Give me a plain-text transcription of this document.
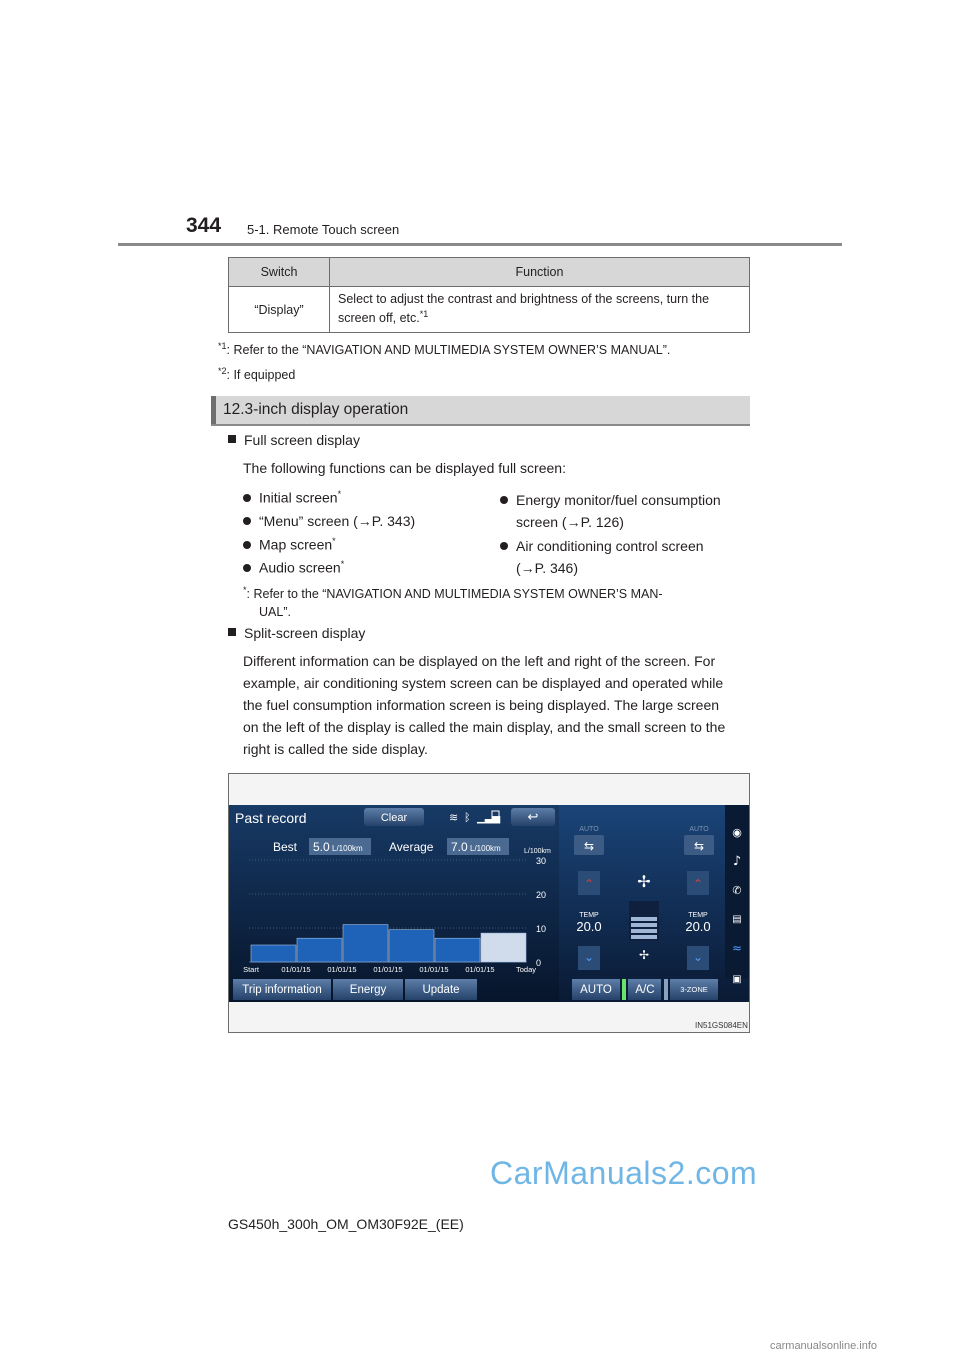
344 5-1. Remote Touch screen
Switch	Function
“Display”	Select to adjust the contrast and brightness of the screens, turn the screen off, etc.$^{*1}$
$^{*1}$: Refer to the “NAVIGATION AND MULTIMEDIA SYSTEM OWNER’S MANUAL”.
$^{*2}$: If equipped
12.3-inch display operation
Full screen display
The following functions can be displayed full screen:
Initial screen*
“Menu” screen (→P. 343)
Map screen*
Audio screen*
Energy monitor/fuel consumption
screen (→P. 126)
Air conditioning control screen
(→P. 346)
*: Refer to the “NAVIGATION AND MULTIMEDIA SYSTEM OWNER’S MAN-
UAL”.
Split-screen display
Different information can be displayed on the left and right of the screen. For
example, air conditioning system screen can be displayed and operated while
the fuel consumption information screen is being displayed. The large screen
on the left of the display is called the main display, and the small screen to the
right is called the side display.
Past record	Clear	≋ ᛒ ▁▃▅ ↩
Best 5.0 L/100km Average 7.0 L/100km	L/100km
0
10
20
30
Start	01/01/15 01/01/15 01/01/15 01/01/15 01/01/15	Today
Trip information Energy	Update
AUTO	AUTO
⇆	⇆
⌃	⌃
✢
TEMP
20.0
TEMP
20.0
⌄	⌄
✢
AUTO A/C	3-ZONE
◉
♪
✆
▤
≈
▣
IN51GS084EN
GS450h_300h_OM_OM30F92E_(EE)
CarManuals2.com
carmanualsonline.info
